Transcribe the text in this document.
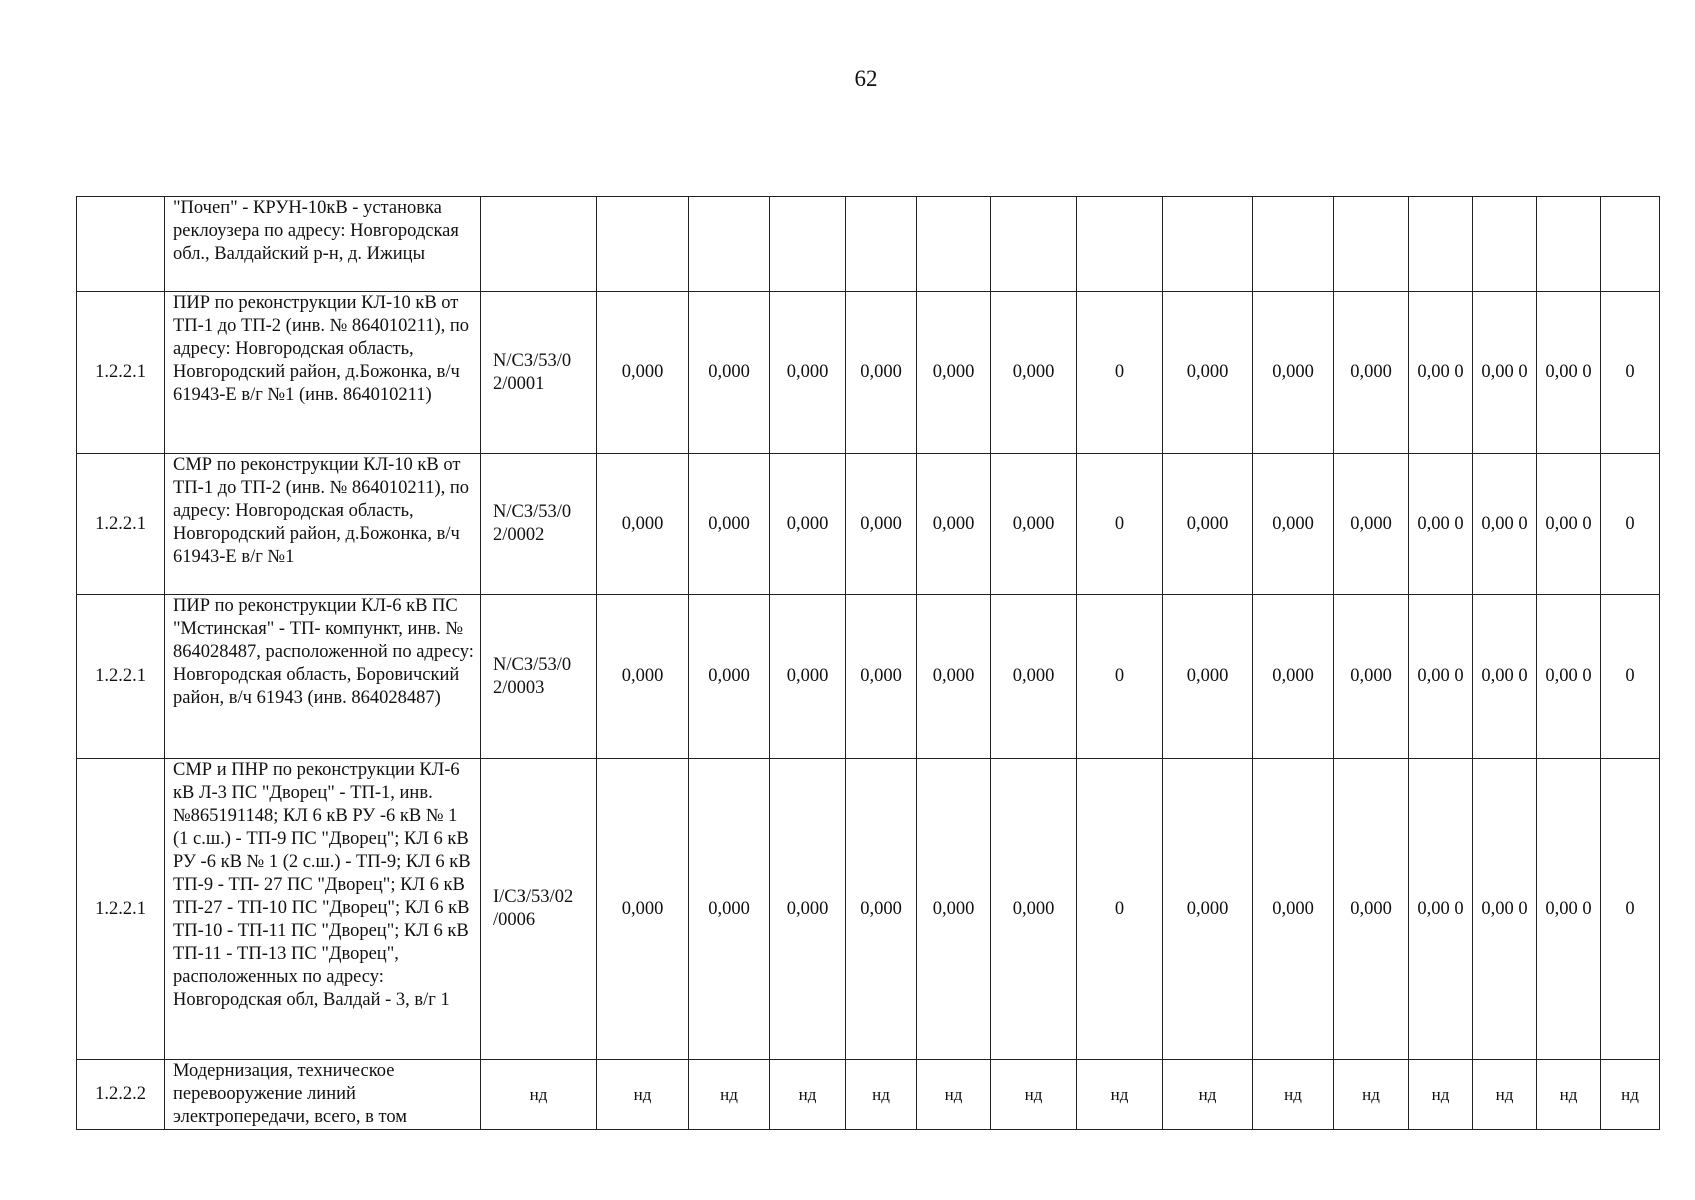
62
	"Почеп" - КРУН-10кВ - установка реклоузера по адресу: Новгородская обл., Валдайский р-н, д. Ижицы															
1.2.2.1	ПИР по реконструкции КЛ-10 кВ от ТП-1 до ТП-2 (инв. № 864010211), по адресу: Новгородская область, Новгородский район, д.Божонка, в/ч 61943-Е в/г №1 (инв. 864010211)	N/СЗ/53/0 2/0001	0,000	0,000	0,000	0,000	0,000	0,000	0	0,000	0,000	0,000	0,00 0	0,00 0	0,00 0	0
1.2.2.1	СМР по реконструкции КЛ-10 кВ от ТП-1 до ТП-2 (инв. № 864010211), по адресу: Новгородская область, Новгородский район, д.Божонка, в/ч 61943-Е в/г №1	N/СЗ/53/0 2/0002	0,000	0,000	0,000	0,000	0,000	0,000	0	0,000	0,000	0,000	0,00 0	0,00 0	0,00 0	0
1.2.2.1	ПИР по реконструкции КЛ-6 кВ ПС "Мстинская" - ТП- компункт, инв. № 864028487, расположенной по адресу: Новгородская область, Боровичский район, в/ч 61943 (инв. 864028487)	N/СЗ/53/0 2/0003	0,000	0,000	0,000	0,000	0,000	0,000	0	0,000	0,000	0,000	0,00 0	0,00 0	0,00 0	0
1.2.2.1	СМР и ПНР по реконструкции КЛ-6 кВ Л-3 ПС "Дворец" - ТП-1, инв. №865191148; КЛ 6 кВ РУ -6 кВ № 1 (1 с.ш.) - ТП-9 ПС "Дворец"; КЛ 6 кВ РУ -6 кВ № 1 (2 с.ш.) - ТП-9; КЛ 6 кВ ТП-9 - ТП- 27 ПС "Дворец"; КЛ 6 кВ ТП-27 - ТП-10 ПС "Дворец"; КЛ 6 кВ ТП-10 - ТП-11 ПС "Дворец"; КЛ 6 кВ ТП-11 - ТП-13 ПС "Дворец", расположенных по адресу: Новгородская обл, Валдай - 3, в/г 1	I/СЗ/53/02 /0006	0,000	0,000	0,000	0,000	0,000	0,000	0	0,000	0,000	0,000	0,00 0	0,00 0	0,00 0	0
1.2.2.2	Модернизация, техническое перевооружение линий электропередачи, всего, в том	нд	нд	нд	нд	нд	нд	нд	нд	нд	нд	нд	нд	нд	нд	нд
